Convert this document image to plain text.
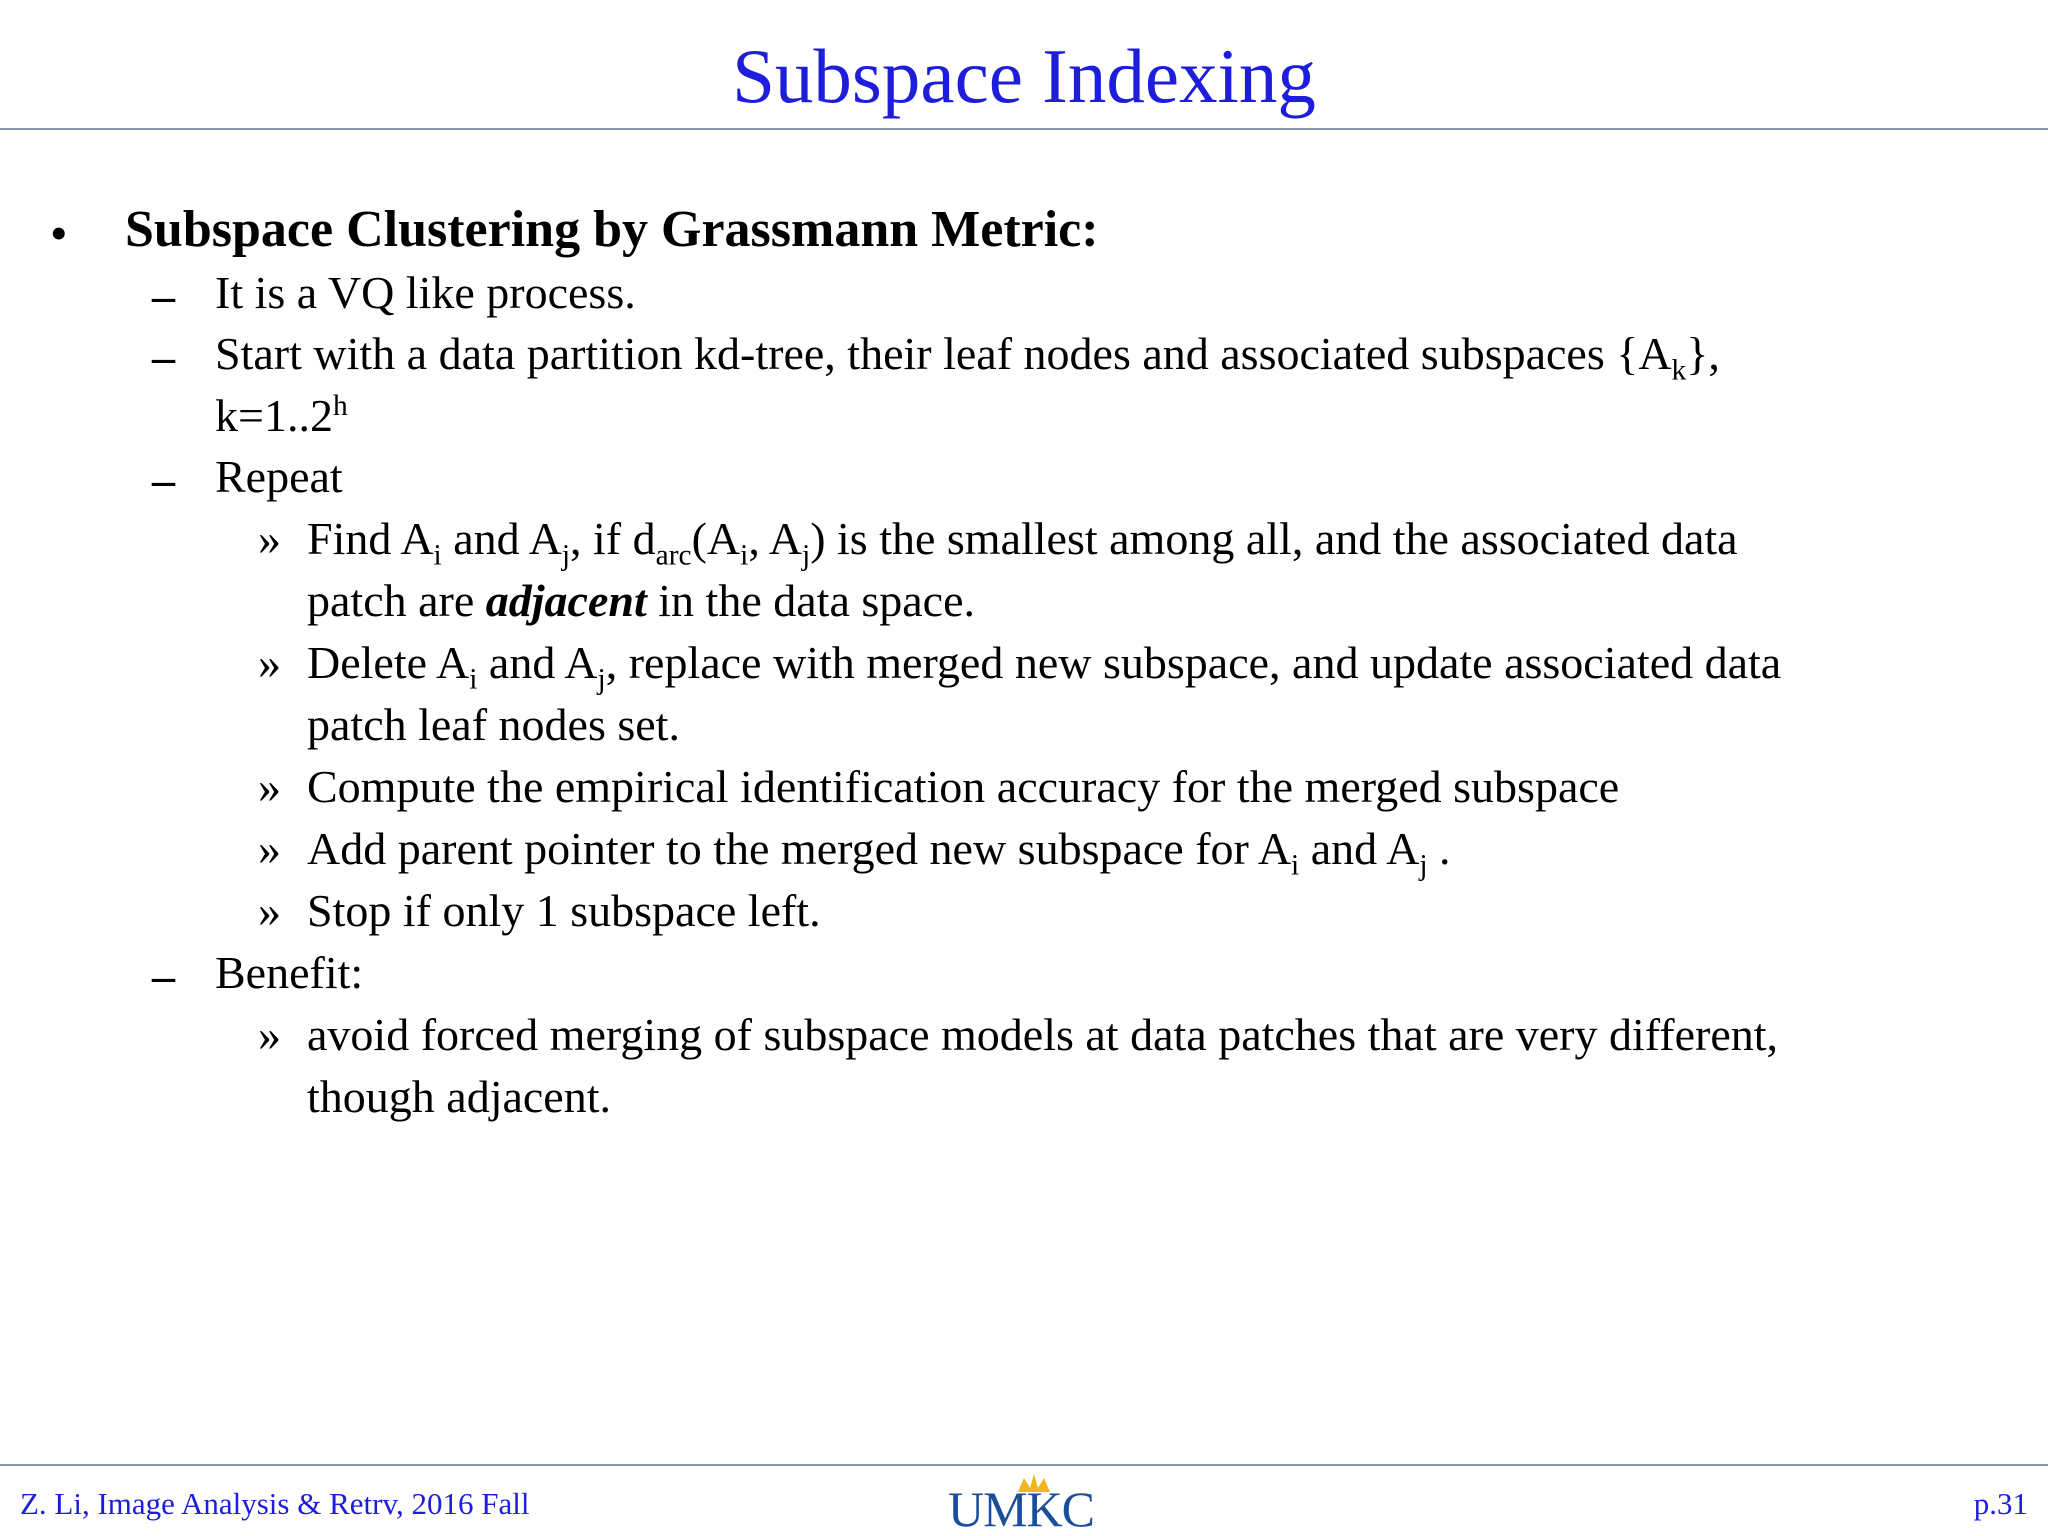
Subspace Indexing
• Subspace Clustering by Grassmann Metric:
– It is a VQ like process.
– Start with a data partition kd-tree, their leaf nodes and associated subspaces $\{A_k\}$,
k=1..2$^h$
– Repeat
» Find $A_i$ and $A_j$, if $d_{arc}(A_i$, $A_j$) is the smallest among all, and the associated data
patch are adjacent in the data space.
» Delete $A_i$ and $A_j$, replace with merged new subspace, and update associated data
patch leaf nodes set.
» Compute the empirical identification accuracy for the merged subspace
» Add parent pointer to the merged new subspace for $A_i$ and $A_j$ .
» Stop if only 1 subspace left.
– Benefit:
» avoid forced merging of subspace models at data patches that are very different,
though adjacent.
Z. Li, Image Analysis & Retrv, 2016 Fall	UMKC	p.31
